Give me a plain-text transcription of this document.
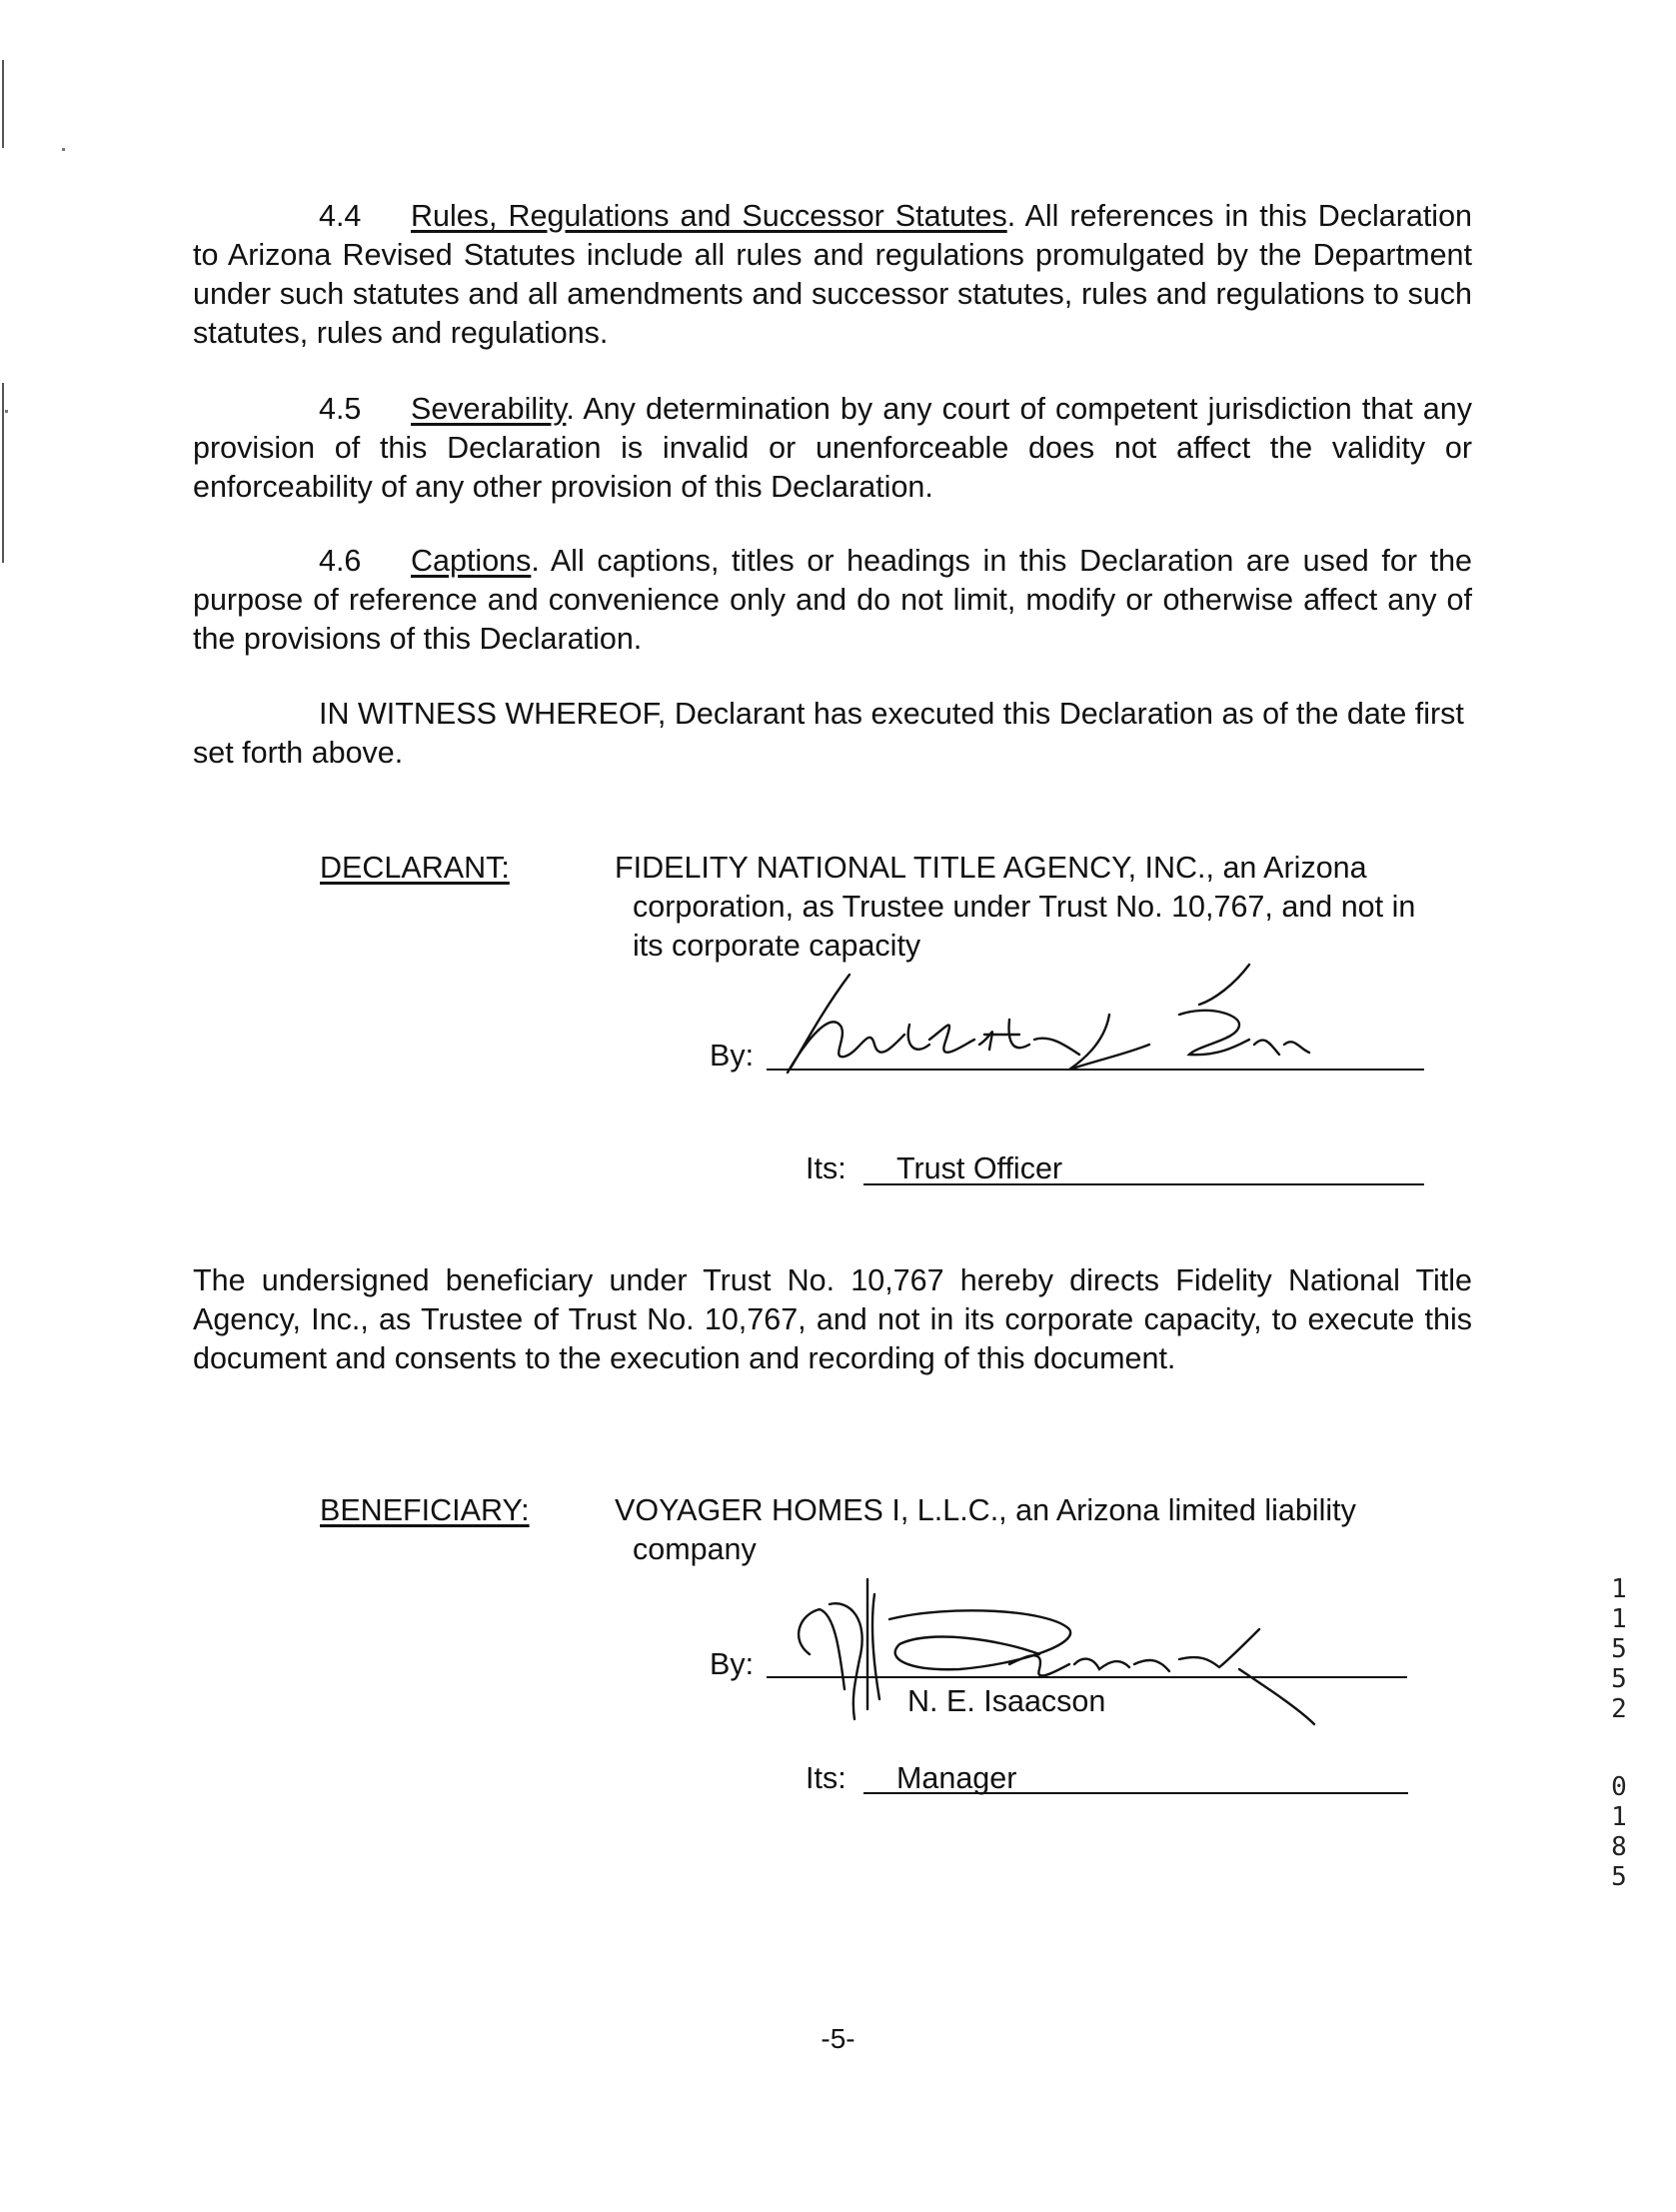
4.4 Rules, Regulations and Successor Statutes. All references in this Declaration to Arizona Revised Statutes include all rules and regulations promulgated by the Department under such statutes and all amendments and successor statutes, rules and regulations to such statutes, rules and regulations.

4.5 Severability. Any determination by any court of competent jurisdiction that any provision of this Declaration is invalid or unenforceable does not affect the validity or enforceability of any other provision of this Declaration.

4.6 Captions. All captions, titles or headings in this Declaration are used for the purpose of reference and convenience only and do not limit, modify or otherwise affect any of the provisions of this Declaration.

IN WITNESS WHEREOF, Declarant has executed this Declaration as of the date first set forth above.

DECLARANT:	FIDELITY NATIONAL TITLE AGENCY, INC., an Arizona
corporation, as Trustee under Trust No. 10,767, and not in
its corporate capacity
By:
Its: Trust Officer

The undersigned beneficiary under Trust No. 10,767 hereby directs Fidelity National Title Agency, Inc., as Trustee of Trust No. 10,767, and not in its corporate capacity, to execute this document and consents to the execution and recording of this document.

BENEFICIARY:	VOYAGER HOMES I, L.L.C., an Arizona limited liability
company
By:
N. E. Isaacson
Its: Manager
1
1
5
5
2
0
1
8
5
-5-
